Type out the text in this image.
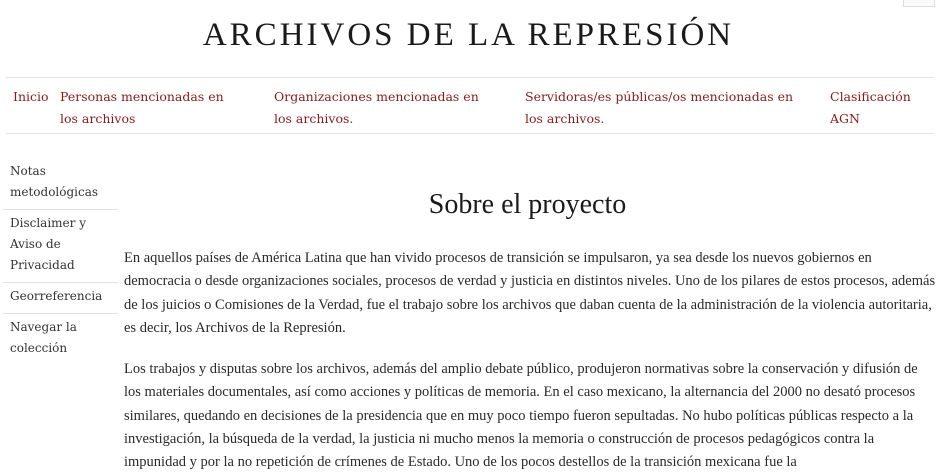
ARCHIVOS DE LA REPRESIÓN
Inicio Personas mencionadas en los archivos
Organizaciones mencionadas en los archivos.
Servidoras/es públicas/os mencionadas en los archivos.
Clasificación AGN
Notas metodológicas
Disclaimer y Aviso de Privacidad
Georreferencia
Navegar la colección
Sobre el proyecto

En aquellos países de América Latina que han vivido procesos de transición se impulsaron, ya sea desde los nuevos gobiernos en democracia o desde organizaciones sociales, procesos de verdad y justicia en distintos niveles. Uno de los pilares de estos procesos, además de los juicios o Comisiones de la Verdad, fue el trabajo sobre los archivos que daban cuenta de la administración de la violencia autoritaria, es decir, los Archivos de la Represión.

Los trabajos y disputas sobre los archivos, además del amplio debate público, produjeron normativas sobre la conservación y difusión de los materiales documentales, así como acciones y políticas de memoria. En el caso mexicano, la alternancia del 2000 no desató procesos similares, quedando en decisiones de la presidencia que en muy poco tiempo fueron sepultadas. No hubo políticas públicas respecto a la investigación, la búsqueda de la verdad, la justicia ni mucho menos la memoria o construcción de procesos pedagógicos contra la impunidad y por la no repetición de crímenes de Estado. Uno de los pocos destellos de la transición mexicana fue la
